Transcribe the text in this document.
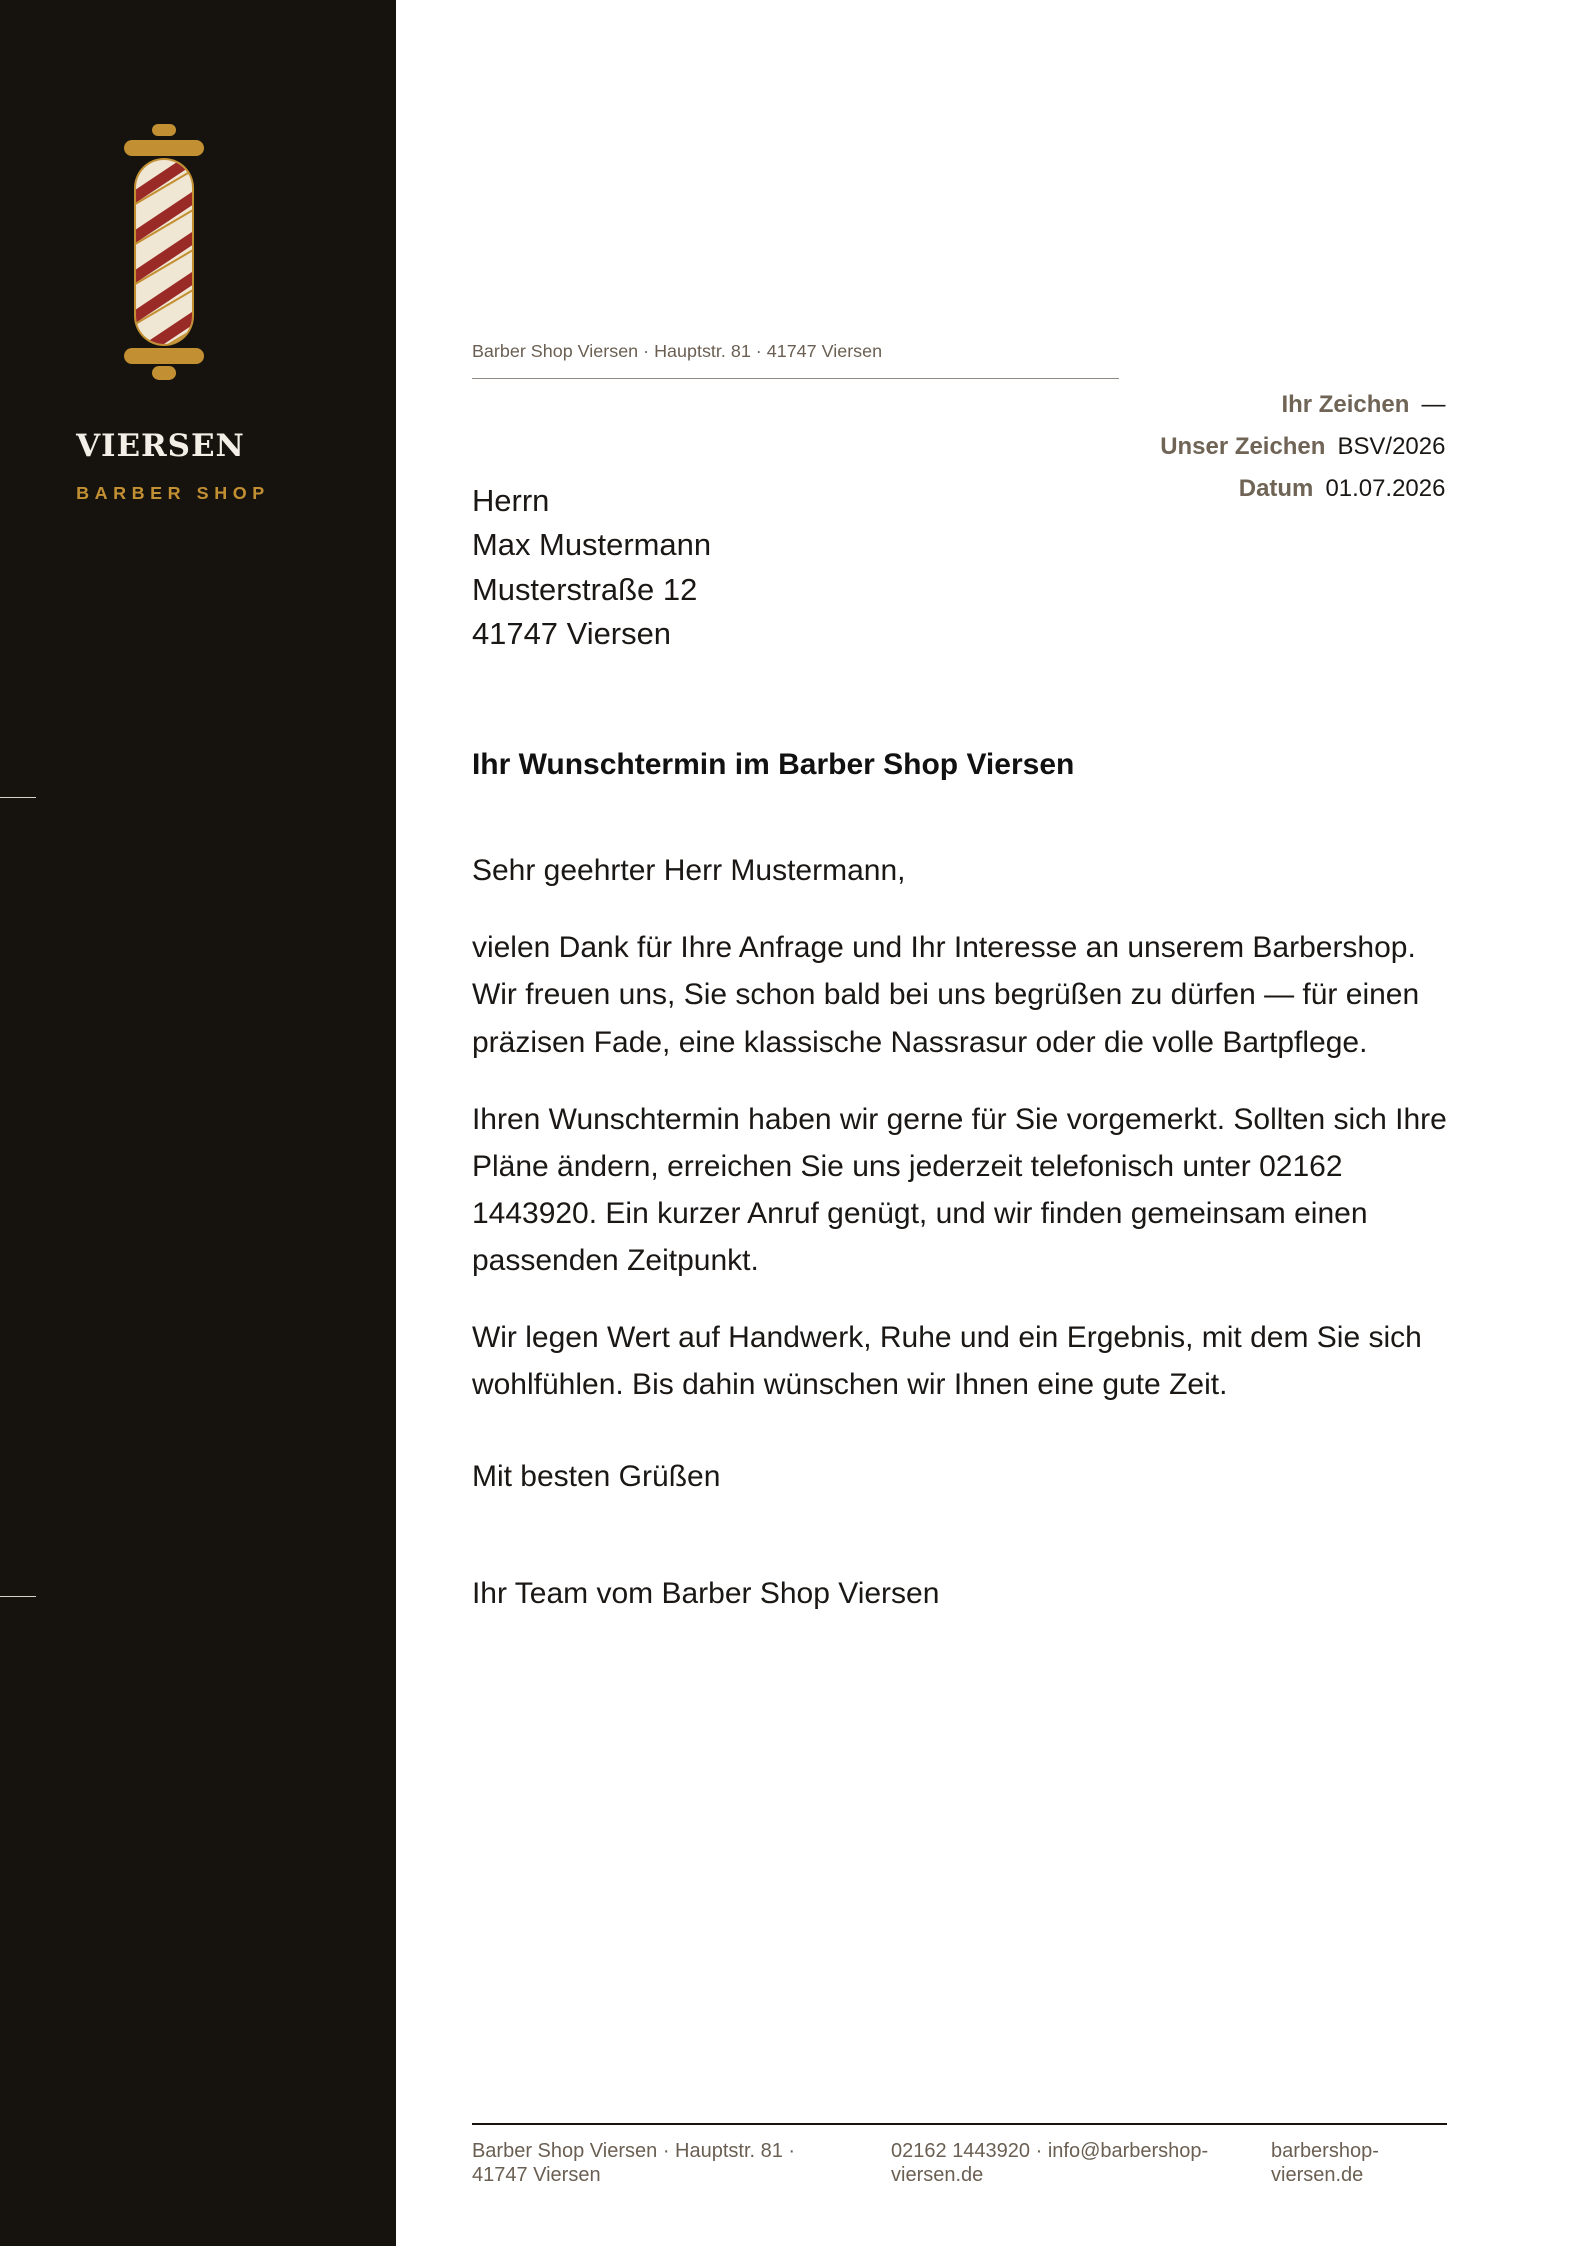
VIERSEN
BARBER SHOP
Barber Shop Viersen · Hauptstr. 81 · 41747 Viersen
Ihr Zeichen —
Unser Zeichen BSV/2026
Datum 01.07.2026
Herrn
Max Mustermann
Musterstraße 12
41747 Viersen
Ihr Wunschtermin im Barber Shop Viersen

Sehr geehrter Herr Mustermann,

vielen Dank für Ihre Anfrage und Ihr Interesse an unserem Barbershop. Wir freuen uns, Sie schon bald bei uns begrüßen zu dürfen — für einen präzisen Fade, eine klassische Nassrasur oder die volle Bartpflege.

Ihren Wunschtermin haben wir gerne für Sie vorgemerkt. Sollten sich Ihre Pläne ändern, erreichen Sie uns jederzeit telefonisch unter 02162 1443920. Ein kurzer Anruf genügt, und wir finden gemeinsam einen passenden Zeitpunkt.

Wir legen Wert auf Handwerk, Ruhe und ein Ergebnis, mit dem Sie sich wohlfühlen. Bis dahin wünschen wir Ihnen eine gute Zeit.

Mit besten Grüßen

Ihr Team vom Barber Shop Viersen

Barber Shop Viersen · Hauptstr. 81 · 41747 Viersen
02162 1443920 · info@barbershop-viersen.de
barbershop-viersen.de
